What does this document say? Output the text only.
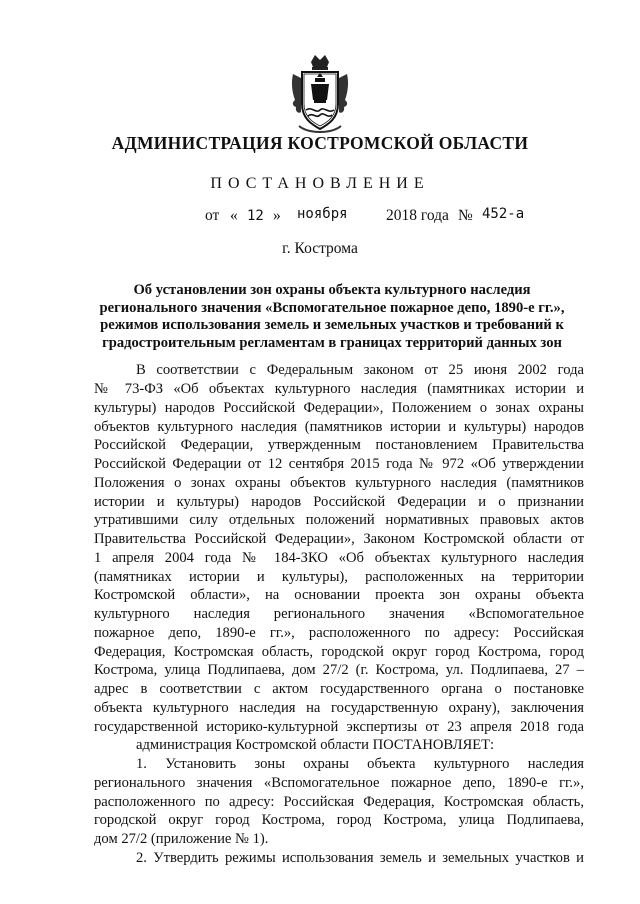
АДМИНИСТРАЦИЯ КОСТРОМСКОЙ ОБЛАСТИ
ПОСТАНОВЛЕНИЕ
от « 12 » ноября 2018 года № 452-а
г. Кострома
Об установлении зон охраны объекта культурного наследия
регионального значения «Вспомогательное пожарное депо, 1890-е гг.»,
режимов использования земель и земельных участков и требований к
градостроительным регламентам в границах территорий данных зон
В соответствии с Федеральным законом от 25 июня 2002 года
№ 73-ФЗ «Об объектах культурного наследия (памятниках истории и
культуры) народов Российской Федерации», Положением о зонах охраны
объектов культурного наследия (памятников истории и культуры) народов
Российской Федерации, утвержденным постановлением Правительства
Российской Федерации от 12 сентября 2015 года № 972 «Об утверждении
Положения о зонах охраны объектов культурного наследия (памятников
истории и культуры) народов Российской Федерации и о признании
утратившими силу отдельных положений нормативных правовых актов
Правительства Российской Федерации», Законом Костромской области от
1 апреля 2004 года № 184-ЗКО «Об объектах культурного наследия
(памятниках истории и культуры), расположенных на территории
Костромской области», на основании проекта зон охраны объекта
культурного наследия регионального значения «Вспомогательное
пожарное депо, 1890-е гг.», расположенного по адресу: Российская
Федерация, Костромская область, городской округ город Кострома, город
Кострома, улица Подлипаева, дом 27/2 (г. Кострома, ул. Подлипаева, 27 –
адрес в соответствии с актом государственного органа о постановке
объекта культурного наследия на государственную охрану), заключения
государственной историко-культурной экспертизы от 23 апреля 2018 года
администрация Костромской области ПОСТАНОВЛЯЕТ:
1. Установить зоны охраны объекта культурного наследия
регионального значения «Вспомогательное пожарное депо, 1890-е гг.»,
расположенного по адресу: Российская Федерация, Костромская область,
городской округ город Кострома, город Кострома, улица Подлипаева,
дом 27/2 (приложение № 1).
2. Утвердить режимы использования земель и земельных участков и
